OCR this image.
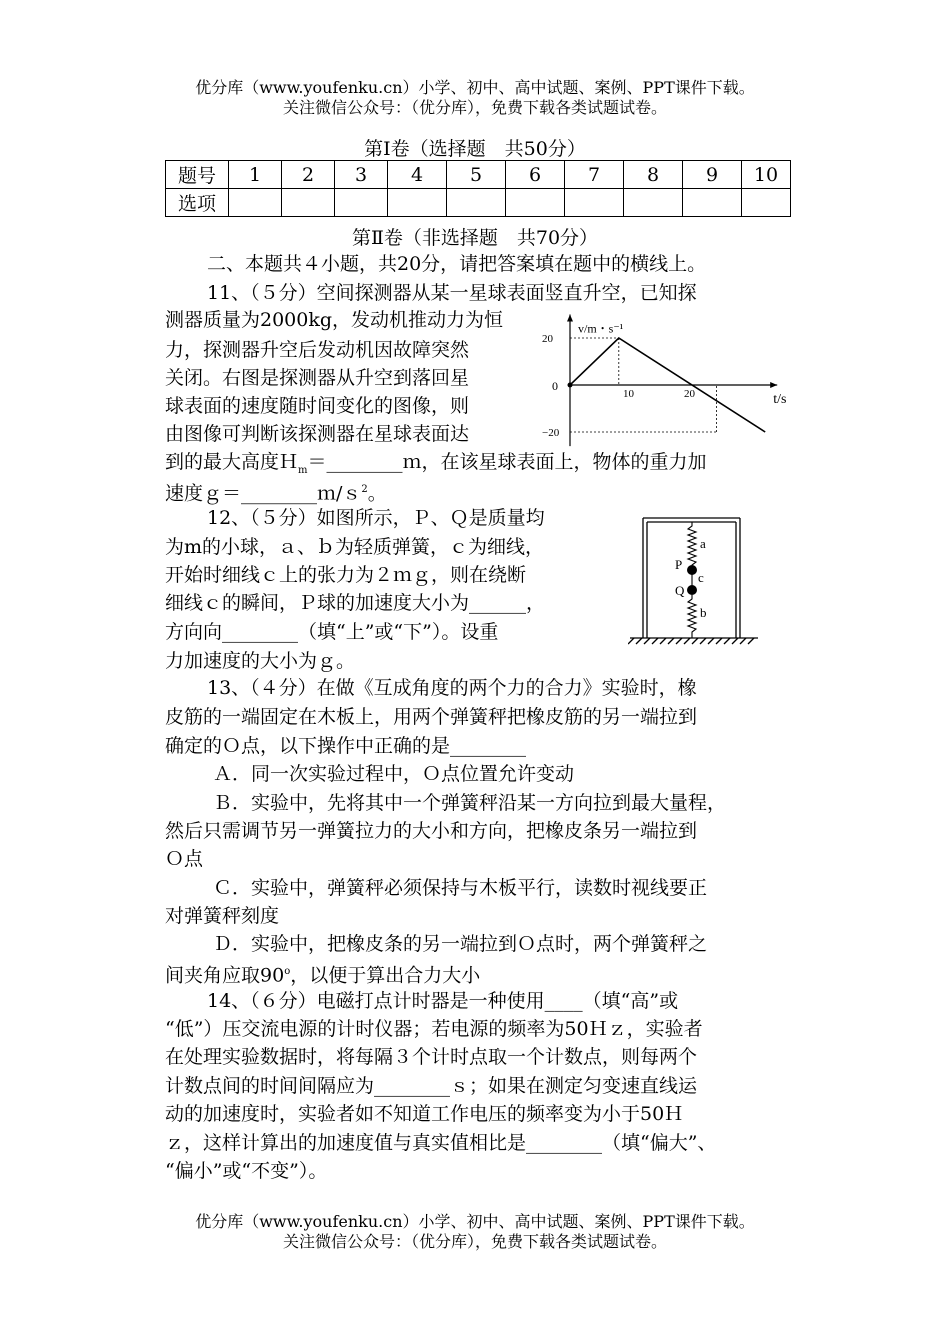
优分库（www.youfenku.cn）小学、初中、高中试题、案例、PPT课件下载。
关注微信公众号：（优分库），免费下载各类试题试卷。
第Ⅰ卷（选择题　共50分）
题号	1	2	3	4	5	6	7	8	9	10
选项										
第Ⅱ卷（非选择题　共70分）
二、本题共４小题，共20分，请把答案填在题中的横线上。
11、（５分）空间探测器从某一星球表面竖直升空，已知探
测器质量为2000kg，发动机推动力为恒
力，探测器升空后发动机因故障突然
关闭。右图是探测器从升空到落回星
球表面的速度随时间变化的图像，则
由图像可判断该探测器在星球表面达
到的最大高度Ｈ$_m$＝________ｍ，在该星球表面上，物体的重力加
速度ｇ＝________ｍ/ｓ$^2$。
v/m・s⁻¹
t/s
0
10	20
20
−20
12、（５分）如图所示，Ｐ、Ｑ是质量均
为m的小球，ａ、ｂ为轻质弹簧，ｃ为细线，
开始时细线ｃ上的张力为２ｍｇ，则在绕断
细线ｃ的瞬间，Ｐ球的加速度大小为______，
方向向________（填“上”或“下”）。设重
力加速度的大小为ｇ。
a
P
c
Q
b
13、（４分）在做《互成角度的两个力的合力》实验时，橡
皮筋的一端固定在木板上，用两个弹簧秤把橡皮筋的另一端拉到
确定的Ｏ点，以下操作中正确的是________
Ａ．同一次实验过程中，Ｏ点位置允许变动
Ｂ．实验中，先将其中一个弹簧秤沿某一方向拉到最大量程，
然后只需调节另一弹簧拉力的大小和方向，把橡皮条另一端拉到
Ｏ点
Ｃ．实验中，弹簧秤必须保持与木板平行，读数时视线要正
对弹簧秤刻度
Ｄ．实验中，把橡皮条的另一端拉到Ｏ点时，两个弹簧秤之
间夹角应取90$^o$，以便于算出合力大小
14、（６分）电磁打点计时器是一种使用____（填“高”或
“低”）压交流电源的计时仪器；若电源的频率为50Ｈｚ，实验者
在处理实验数据时，将每隔３个计时点取一个计数点，则每两个
计数点间的时间间隔应为________ｓ；如果在测定匀变速直线运
动的加速度时，实验者如不知道工作电压的频率变为小于50Ｈ
ｚ，这样计算出的加速度值与真实值相比是________（填“偏大”、
“偏小”或“不变”）。
优分库（www.youfenku.cn）小学、初中、高中试题、案例、PPT课件下载。
关注微信公众号：（优分库），免费下载各类试题试卷。
